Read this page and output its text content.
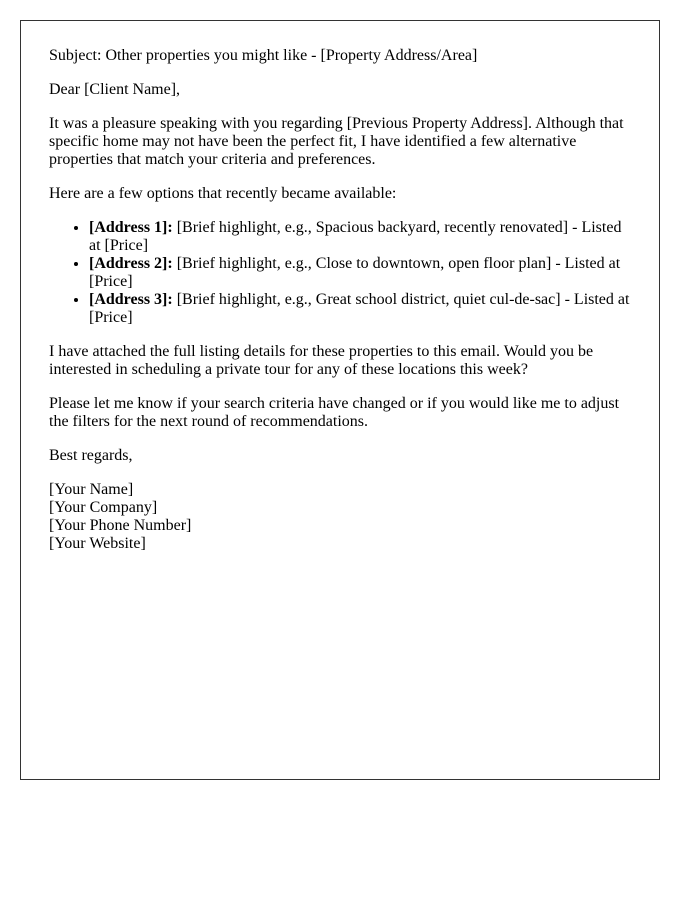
Subject: Other properties you might like - [Property Address/Area]

Dear [Client Name],

It was a pleasure speaking with you regarding [Previous Property Address]. Although that specific home may not have been the perfect fit, I have identified a few alternative properties that match your criteria and preferences.

Here are a few options that recently became available:

• [Address 1]: [Brief highlight, e.g., Spacious backyard, recently renovated] - Listed at [Price]
• [Address 2]: [Brief highlight, e.g., Close to downtown, open floor plan] - Listed at [Price]
• [Address 3]: [Brief highlight, e.g., Great school district, quiet cul-de-sac] - Listed at [Price]

I have attached the full listing details for these properties to this email. Would you be interested in scheduling a private tour for any of these locations this week?

Please let me know if your search criteria have changed or if you would like me to adjust the filters for the next round of recommendations.

Best regards,

[Your Name]
[Your Company]
[Your Phone Number]
[Your Website]
